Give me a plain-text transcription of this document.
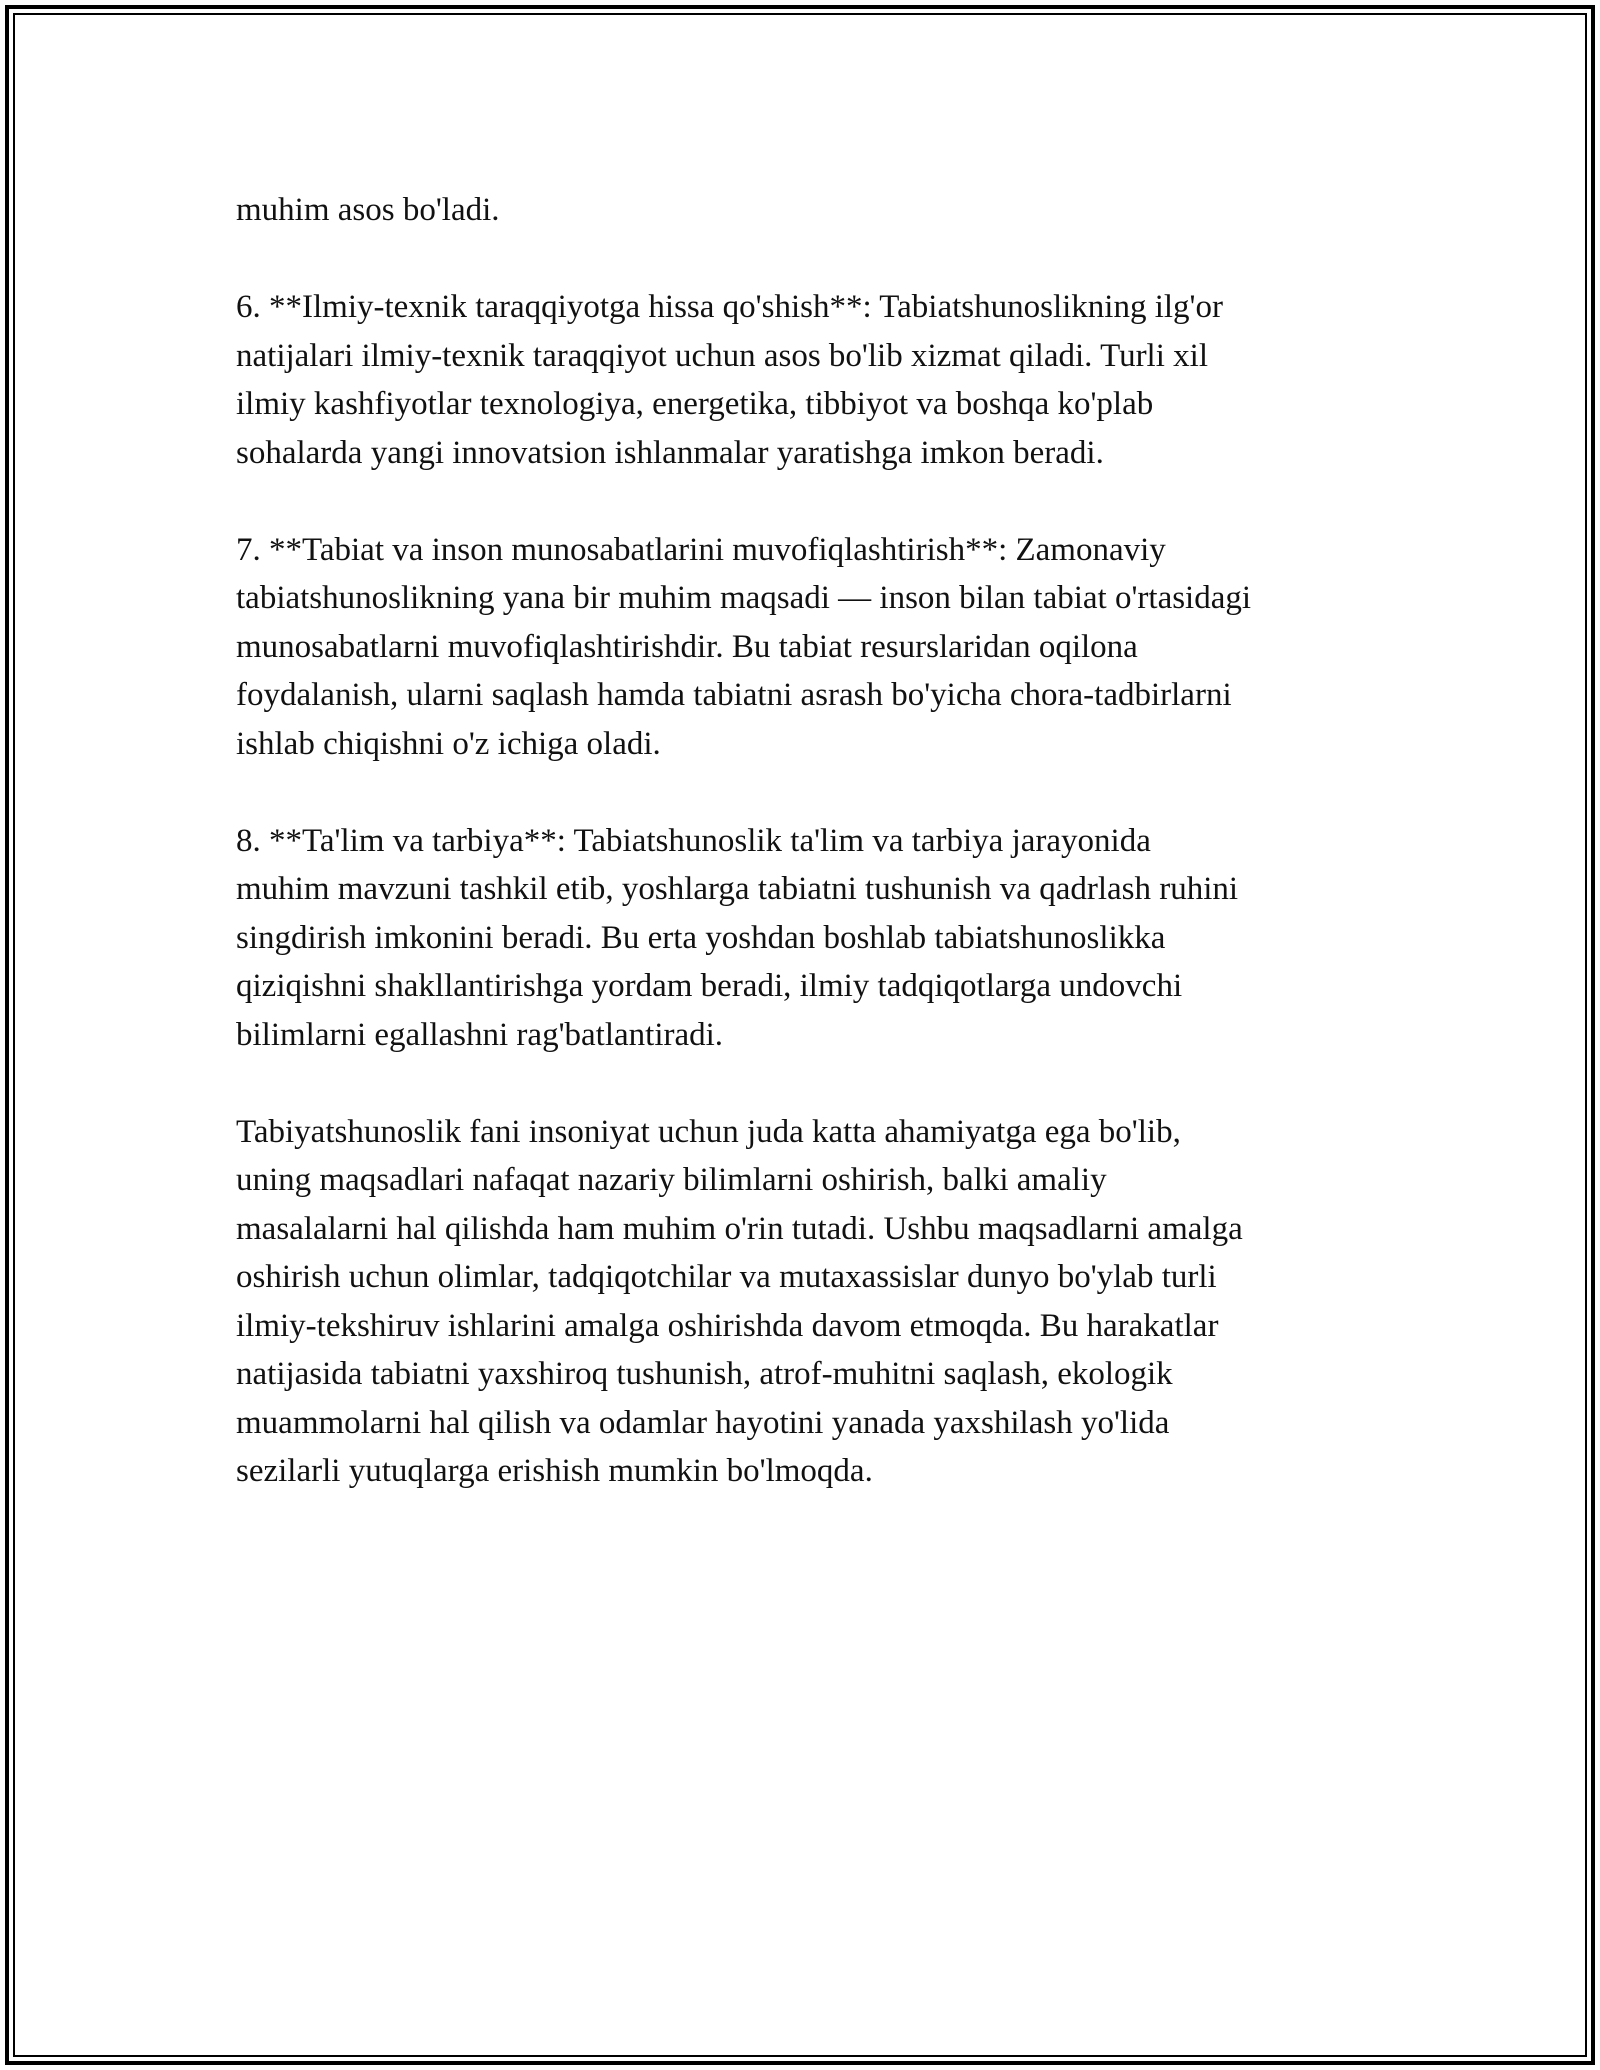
muhim asos bo'ladi.

6. **Ilmiy-texnik taraqqiyotga hissa qo'shish**: Tabiatshunoslikning ilg'or
natijalari ilmiy-texnik taraqqiyot uchun asos bo'lib xizmat qiladi. Turli xil
ilmiy kashfiyotlar texnologiya, energetika, tibbiyot va boshqa ko'plab
sohalarda yangi innovatsion ishlanmalar yaratishga imkon beradi.

7. **Tabiat va inson munosabatlarini muvofiqlashtirish**: Zamonaviy
tabiatshunoslikning yana bir muhim maqsadi — inson bilan tabiat o'rtasidagi
munosabatlarni muvofiqlashtirishdir. Bu tabiat resurslaridan oqilona
foydalanish, ularni saqlash hamda tabiatni asrash bo'yicha chora-tadbirlarni
ishlab chiqishni o'z ichiga oladi.

8. **Ta'lim va tarbiya**: Tabiatshunoslik ta'lim va tarbiya jarayonida
muhim mavzuni tashkil etib, yoshlarga tabiatni tushunish va qadrlash ruhini
singdirish imkonini beradi. Bu erta yoshdan boshlab tabiatshunoslikka
qiziqishni shakllantirishga yordam beradi, ilmiy tadqiqotlarga undovchi
bilimlarni egallashni rag'batlantiradi.

Tabiyatshunoslik fani insoniyat uchun juda katta ahamiyatga ega bo'lib,
uning maqsadlari nafaqat nazariy bilimlarni oshirish, balki amaliy
masalalarni hal qilishda ham muhim o'rin tutadi. Ushbu maqsadlarni amalga
oshirish uchun olimlar, tadqiqotchilar va mutaxassislar dunyo bo'ylab turli
ilmiy-tekshiruv ishlarini amalga oshirishda davom etmoqda. Bu harakatlar
natijasida tabiatni yaxshiroq tushunish, atrof-muhitni saqlash, ekologik
muammolarni hal qilish va odamlar hayotini yanada yaxshilash yo'lida
sezilarli yutuqlarga erishish mumkin bo'lmoqda.
